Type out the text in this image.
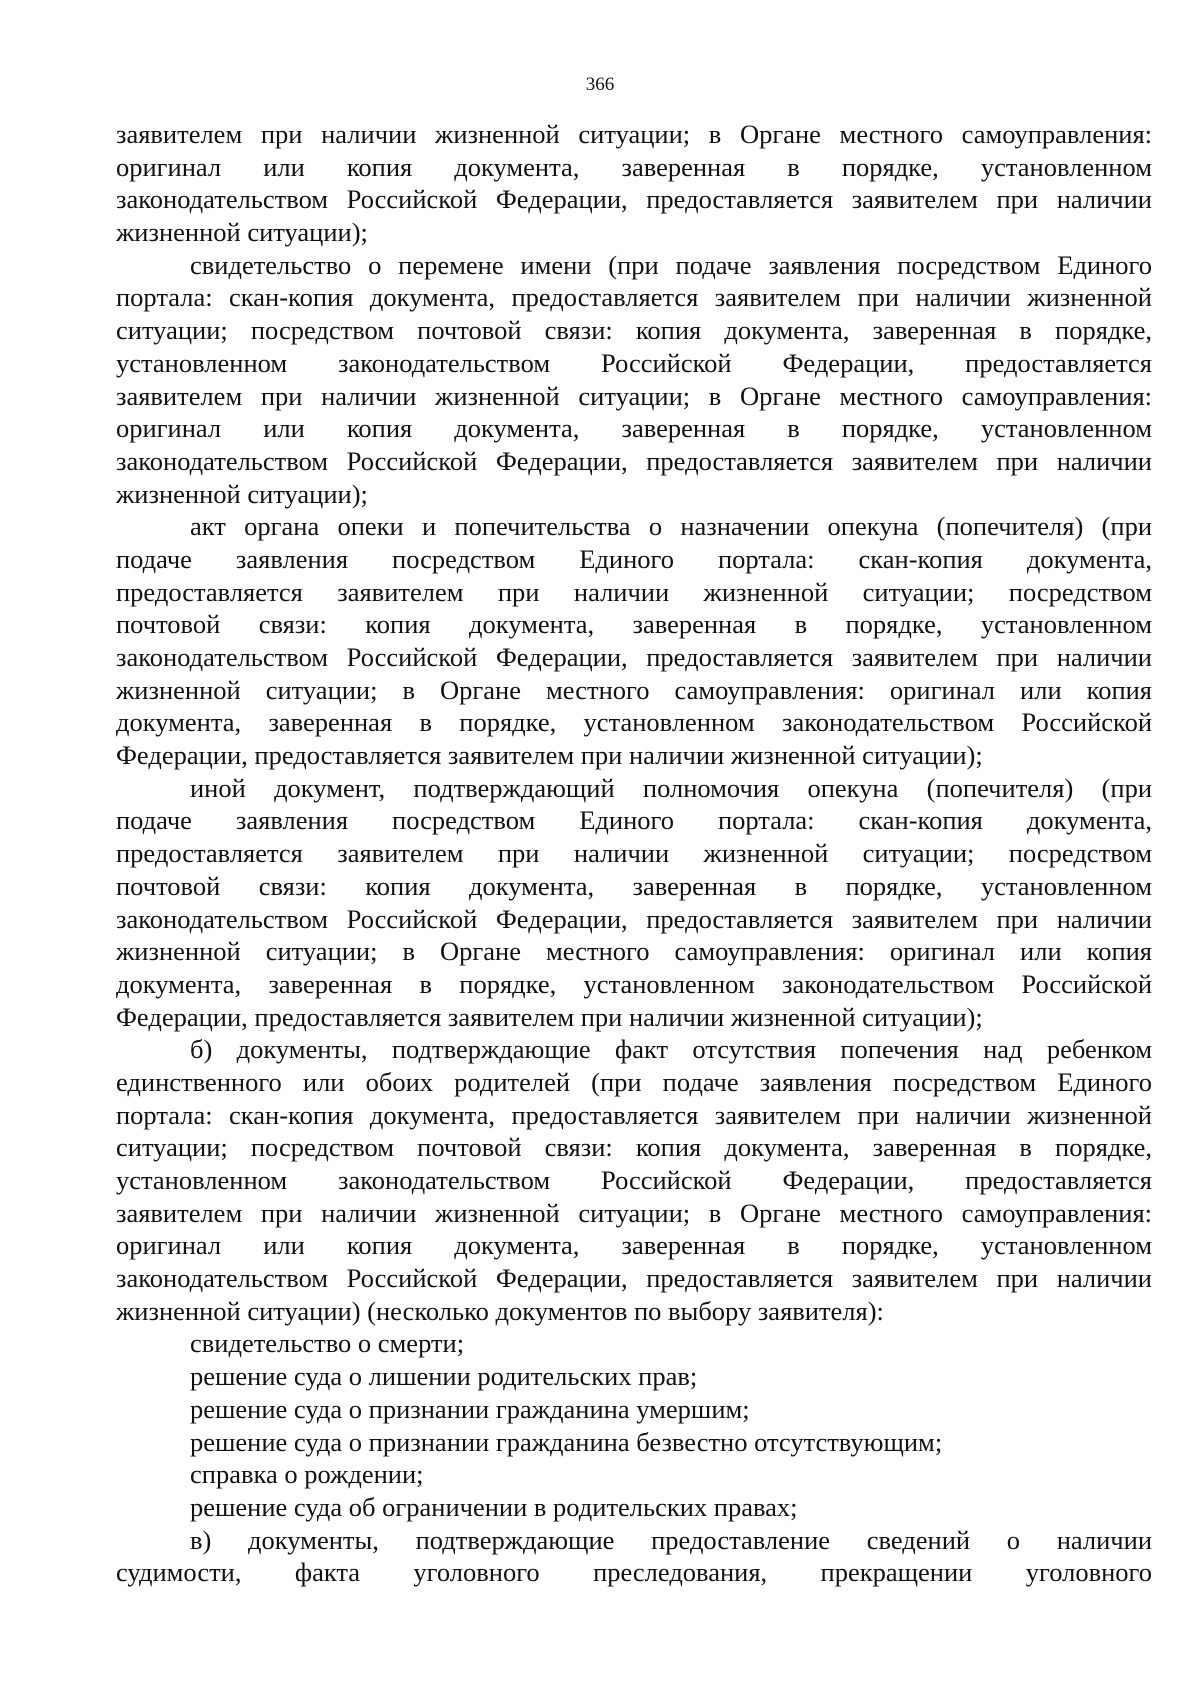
366
заявителем при наличии жизненной ситуации; в Органе местного самоуправления:
оригинал или копия документа, заверенная в порядке, установленном
законодательством Российской Федерации, предоставляется заявителем при наличии
жизненной ситуации);
свидетельство о перемене имени (при подаче заявления посредством Единого
портала: скан-копия документа, предоставляется заявителем при наличии жизненной
ситуации; посредством почтовой связи: копия документа, заверенная в порядке,
установленном законодательством Российской Федерации, предоставляется
заявителем при наличии жизненной ситуации; в Органе местного самоуправления:
оригинал или копия документа, заверенная в порядке, установленном
законодательством Российской Федерации, предоставляется заявителем при наличии
жизненной ситуации);
акт органа опеки и попечительства о назначении опекуна (попечителя) (при
подаче заявления посредством Единого портала: скан-копия документа,
предоставляется заявителем при наличии жизненной ситуации; посредством
почтовой связи: копия документа, заверенная в порядке, установленном
законодательством Российской Федерации, предоставляется заявителем при наличии
жизненной ситуации; в Органе местного самоуправления: оригинал или копия
документа, заверенная в порядке, установленном законодательством Российской
Федерации, предоставляется заявителем при наличии жизненной ситуации);
иной документ, подтверждающий полномочия опекуна (попечителя) (при
подаче заявления посредством Единого портала: скан-копия документа,
предоставляется заявителем при наличии жизненной ситуации; посредством
почтовой связи: копия документа, заверенная в порядке, установленном
законодательством Российской Федерации, предоставляется заявителем при наличии
жизненной ситуации; в Органе местного самоуправления: оригинал или копия
документа, заверенная в порядке, установленном законодательством Российской
Федерации, предоставляется заявителем при наличии жизненной ситуации);
б) документы, подтверждающие факт отсутствия попечения над ребенком
единственного или обоих родителей (при подаче заявления посредством Единого
портала: скан-копия документа, предоставляется заявителем при наличии жизненной
ситуации; посредством почтовой связи: копия документа, заверенная в порядке,
установленном законодательством Российской Федерации, предоставляется
заявителем при наличии жизненной ситуации; в Органе местного самоуправления:
оригинал или копия документа, заверенная в порядке, установленном
законодательством Российской Федерации, предоставляется заявителем при наличии
жизненной ситуации) (несколько документов по выбору заявителя):
свидетельство о смерти;
решение суда о лишении родительских прав;
решение суда о признании гражданина умершим;
решение суда о признании гражданина безвестно отсутствующим;
справка о рождении;
решение суда об ограничении в родительских правах;
в) документы, подтверждающие предоставление сведений о наличии
судимости, факта уголовного преследования, прекращении уголовного
